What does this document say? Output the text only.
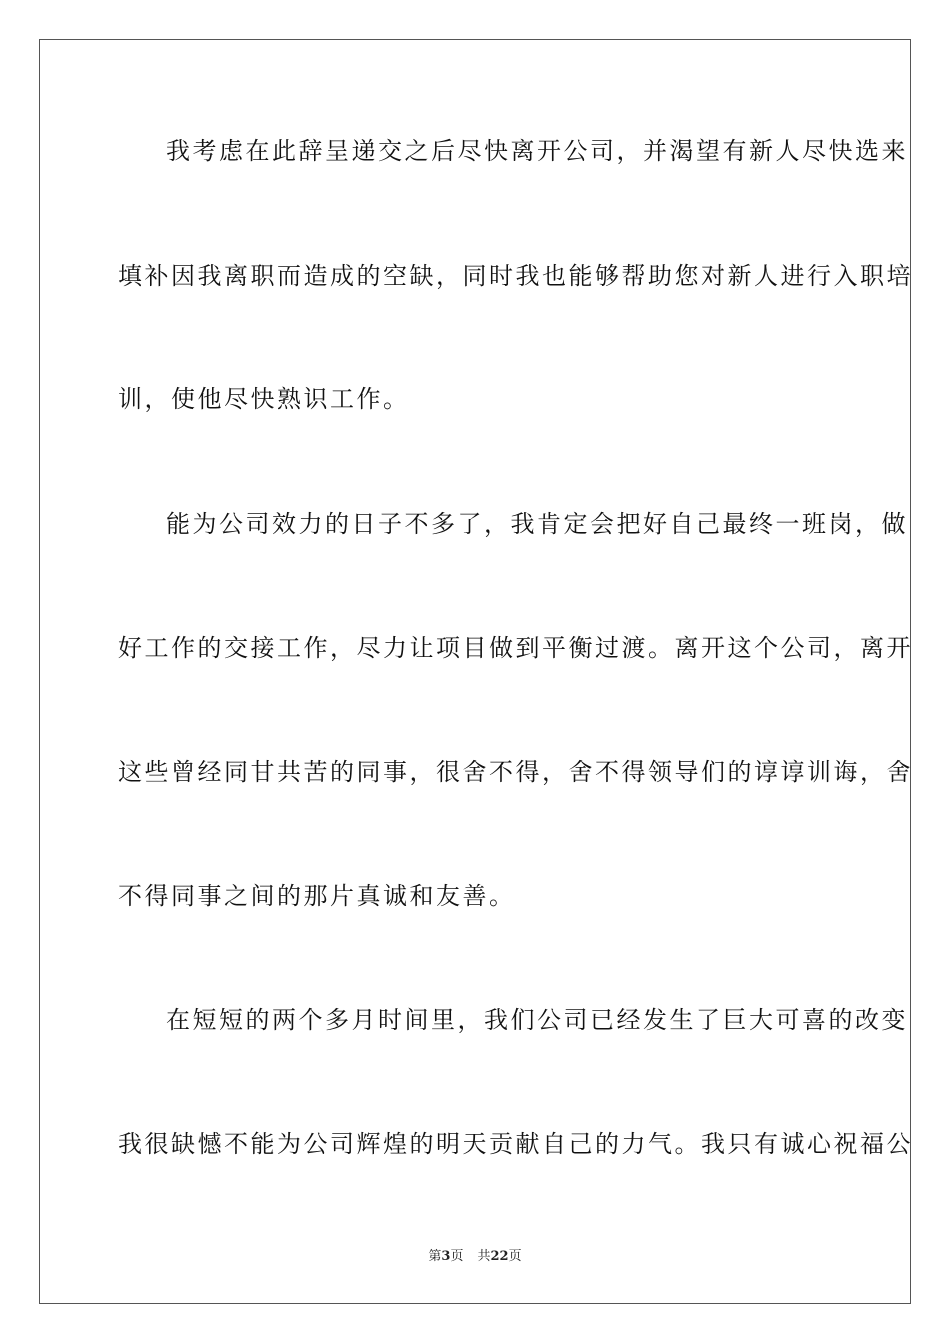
我考虑在此辞呈递交之后尽快离开公司，并渴望有新人尽快选来
填补因我离职而造成的空缺，同时我也能够帮助您对新人进行入职培
训，使他尽快熟识工作。
能为公司效力的日子不多了，我肯定会把好自己最终一班岗，做
好工作的交接工作，尽力让项目做到平衡过渡。离开这个公司，离开
这些曾经同甘共苦的同事，很舍不得，舍不得领导们的谆谆训诲，舍
不得同事之间的那片真诚和友善。
在短短的两个多月时间里，我们公司已经发生了巨大可喜的改变
我很缺憾不能为公司辉煌的明天贡献自己的力气。我只有诚心祝福公
第3页 共22页
